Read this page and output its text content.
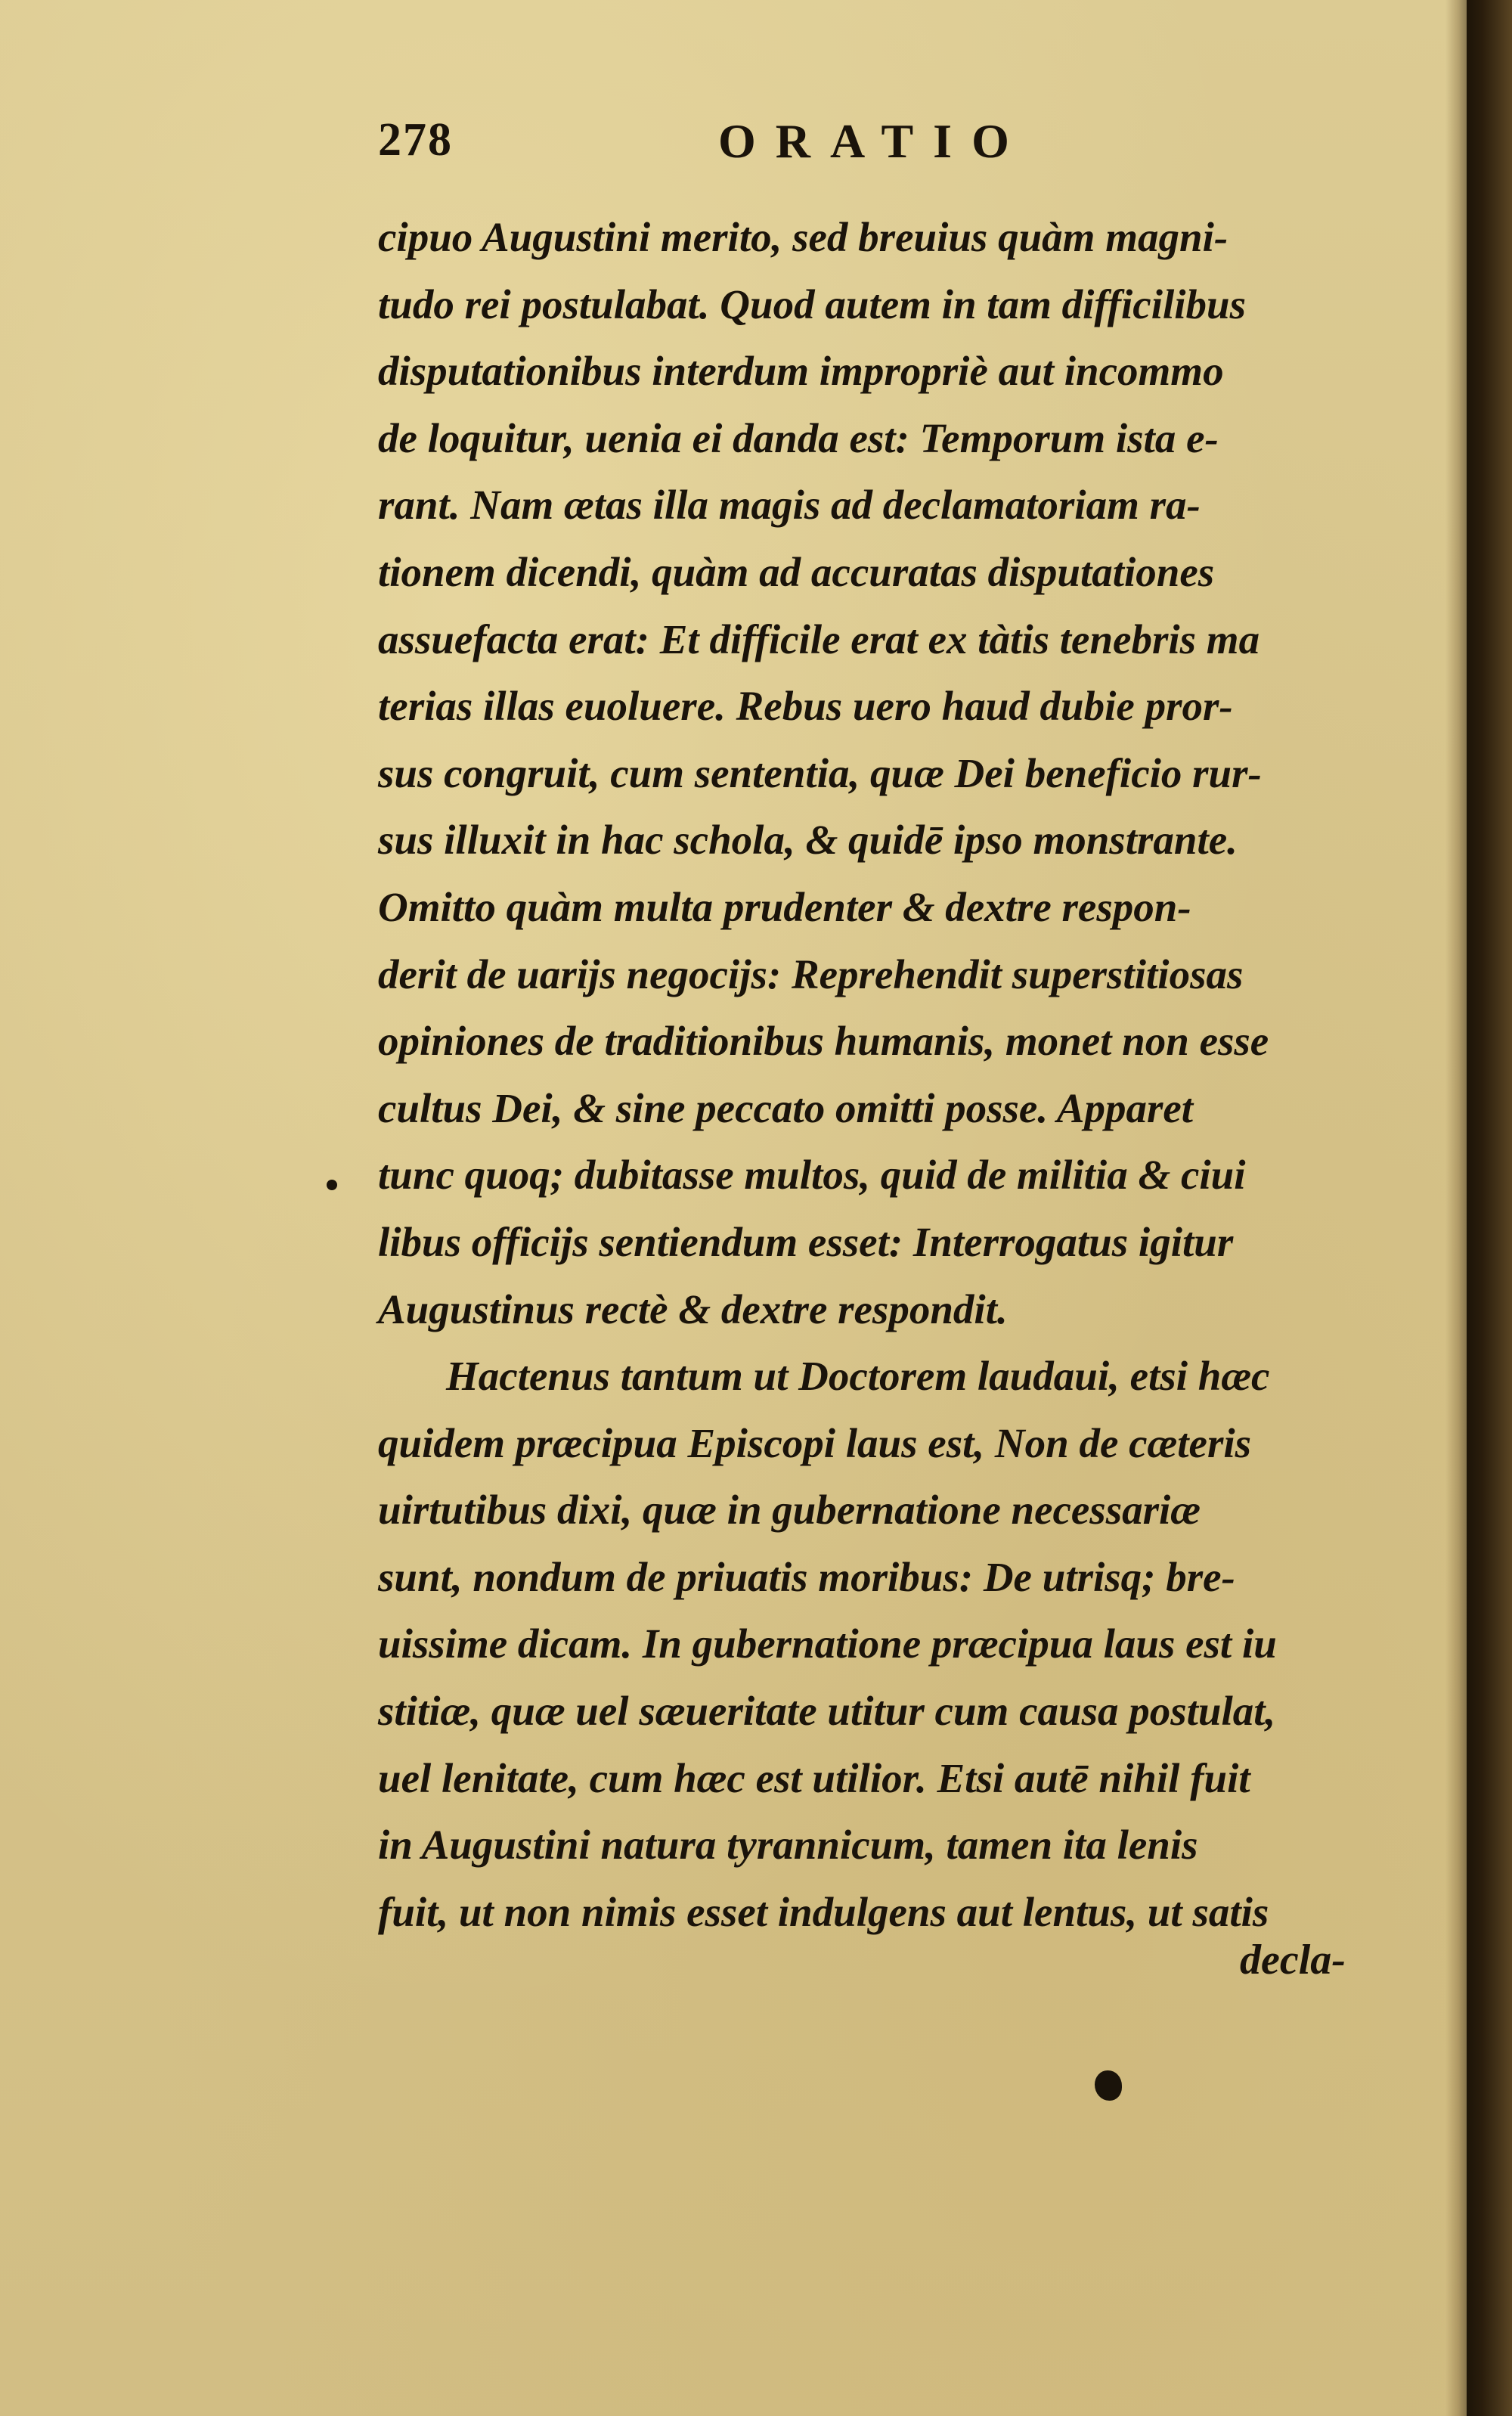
278	ORATIO
cipuo Augustini merito, sed breuius quàm magni-
tudo rei postulabat. Quod autem in tam difficilibus
disputationibus interdum impropriè aut incommo
de loquitur, uenia ei danda est: Temporum ista e-
rant. Nam ætas illa magis ad declamatoriam ra-
tionem dicendi, quàm ad accuratas disputationes
assuefacta erat: Et difficile erat ex tàtis tenebris ma
terias illas euoluere. Rebus uero haud dubie pror-
sus congruit, cum sententia, quæ Dei beneficio rur-
sus illuxit in hac schola, & quidē ipso monstrante.
Omitto quàm multa prudenter & dextre respon-
derit de uarijs negocijs: Reprehendit superstitiosas
opiniones de traditionibus humanis, monet non esse
cultus Dei, & sine peccato omitti posse. Apparet
tunc quoq; dubitasse multos, quid de militia & ciui
libus officijs sentiendum esset: Interrogatus igitur
Augustinus rectè & dextre respondit.
Hactenus tantum ut Doctorem laudaui, etsi hæc
quidem præcipua Episcopi laus est, Non de cæteris
uirtutibus dixi, quæ in gubernatione necessariæ
sunt, nondum de priuatis moribus: De utrisq; bre-
uissime dicam. In gubernatione præcipua laus est iu
stitiæ, quæ uel sæueritate utitur cum causa postulat,
uel lenitate, cum hæc est utilior. Etsi autē nihil fuit
in Augustini natura tyrannicum, tamen ita lenis
fuit, ut non nimis esset indulgens aut lentus, ut satis
decla-
